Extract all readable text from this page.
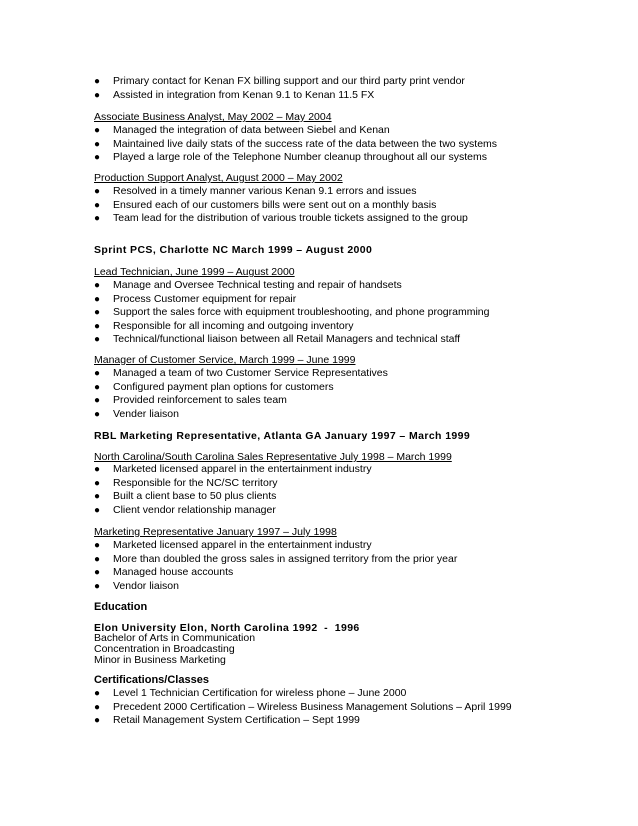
● Primary contact for Kenan FX billing support and our third party print vendor
● Assisted in integration from Kenan 9.1 to Kenan 11.5 FX
Associate Business Analyst, May 2002 – May 2004
● Managed the integration of data between Siebel and Kenan
● Maintained live daily stats of the success rate of the data between the two systems
● Played a large role of the Telephone Number cleanup throughout all our systems
Production Support Analyst, August 2000 – May 2002
● Resolved in a timely manner various Kenan 9.1 errors and issues
● Ensured each of our customers bills were sent out on a monthly basis
● Team lead for the distribution of various trouble tickets assigned to the group
Sprint PCS, Charlotte NC March 1999 – August 2000
Lead Technician, June 1999 – August 2000
● Manage and Oversee Technical testing and repair of handsets
● Process Customer equipment for repair
● Support the sales force with equipment troubleshooting, and phone programming
● Responsible for all incoming and outgoing inventory
● Technical/functional liaison between all Retail Managers and technical staff
Manager of Customer Service, March 1999 – June 1999
● Managed a team of two Customer Service Representatives
● Configured payment plan options for customers
● Provided reinforcement to sales team
● Vender liaison
RBL Marketing Representative, Atlanta GA January 1997 – March 1999
North Carolina/South Carolina Sales Representative July 1998 – March 1999
● Marketed licensed apparel in the entertainment industry
● Responsible for the NC/SC territory
● Built a client base to 50 plus clients
● Client vendor relationship manager
Marketing Representative January 1997 – July 1998
● Marketed licensed apparel in the entertainment industry
● More than doubled the gross sales in assigned territory from the prior year
● Managed house accounts
● Vendor liaison
Education
Elon University Elon, North Carolina 1992  -  1996
Bachelor of Arts in Communication
Concentration in Broadcasting
Minor in Business Marketing
Certifications/Classes
● Level 1 Technician Certification for wireless phone – June 2000
● Precedent 2000 Certification – Wireless Business Management Solutions – April 1999
● Retail Management System Certification – Sept 1999
